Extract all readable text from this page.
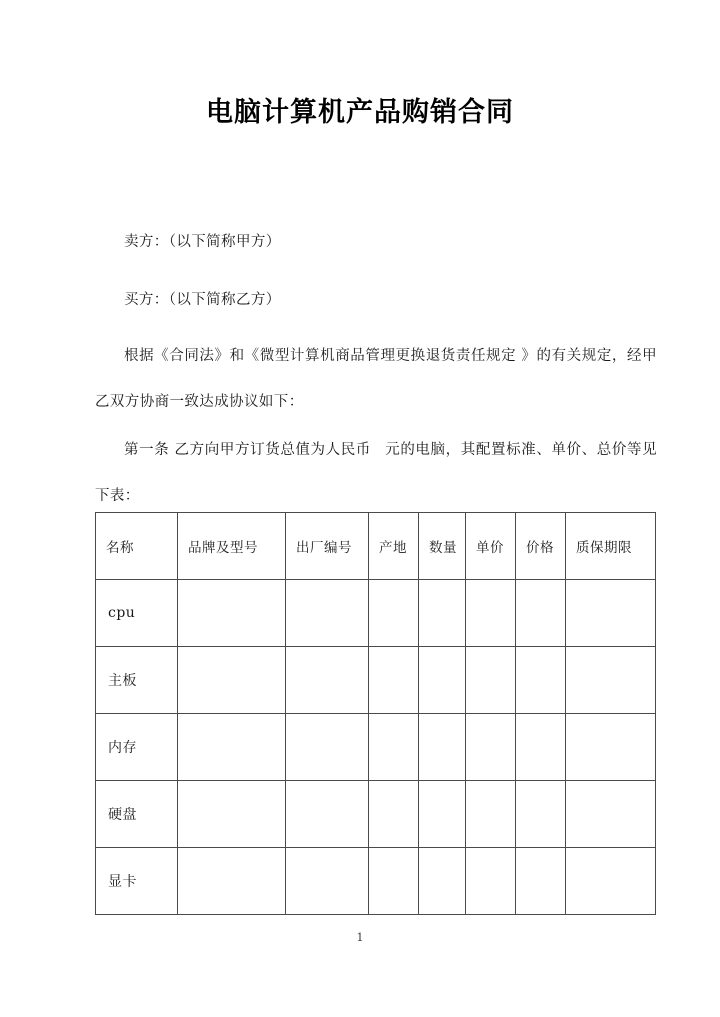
电脑计算机产品购销合同
卖方：（以下简称甲方）
买方：（以下简称乙方）
根据《合同法》和《微型计算机商品管理更换退货责任规定 》的有关规定，经甲乙双方协商一致达成协议如下：
第一条 乙方向甲方订货总值为人民币 元的电脑，其配置标准、单价、总价等见下表：
名称	品牌及型号	出厂编号	产地	数量	单价	价格	质保期限
cpu							
主板							
内存							
硬盘							
显卡							
1
